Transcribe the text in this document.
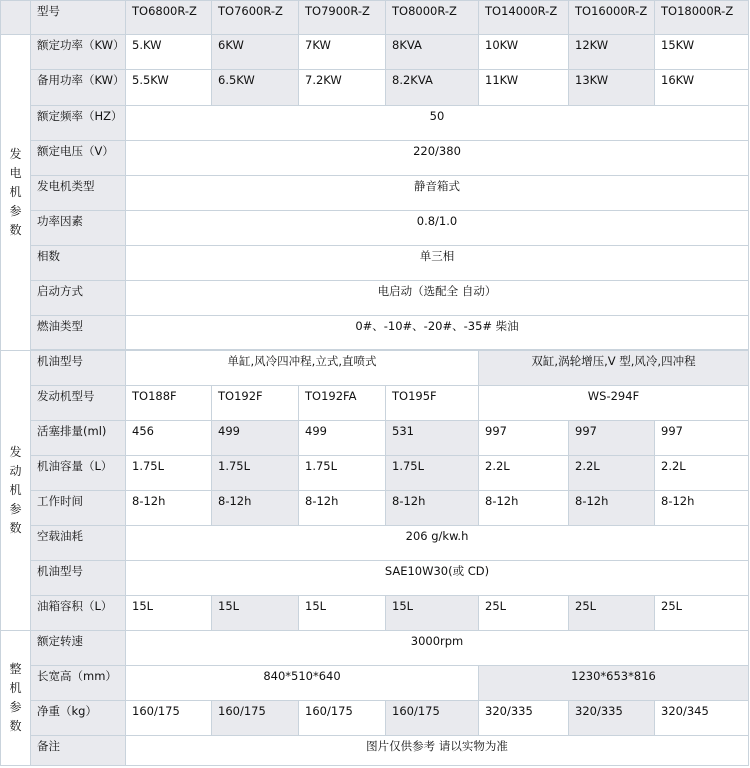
	型号	TO6800R-Z	TO7600R-Z	TO7900R-Z	TO8000R-Z	TO14000R-Z	TO16000R-Z	TO18000R-Z
发电机参数	额定功率（KW）	5.KW	6KW	7KW	8KVA	10KW	12KW	15KW
	备用功率（KW）	5.5KW	6.5KW	7.2KW	8.2KVA	11KW	13KW	16KW
	额定频率（HZ）	50						
	额定电压（V）	220/380						
	发电机类型	静音箱式						
	功率因素	0.8/1.0						
	相数	单三相						
	启动方式	电启动（选配全 自动）						
	燃油类型	0#、-10#、-20#、-35# 柴油						

发动机参数	机油型号	单缸,风冷四冲程,立式,直喷式				双缸,涡轮增压,V 型,风冷,四冲程		
	发动机型号	TO188F	TO192F	TO192FA	TO195F	WS-294F		
	活塞排量(ml)	456	499	499	531	997	997	997
	机油容量（L）	1.75L	1.75L	1.75L	1.75L	2.2L	2.2L	2.2L
	工作时间	8-12h	8-12h	8-12h	8-12h	8-12h	8-12h	8-12h
	空载油耗	206 g/kw.h						
	机油型号	SAE10W30(或 CD)						
	油箱容积（L）	15L	15L	15L	15L	25L	25L	25L
整机参数	额定转速	3000rpm						
	长宽高（mm）	840*510*640				1230*653*816		
	净重（kg）	160/175	160/175	160/175	160/175	320/335	320/335	320/345
	备注	图片仅供参考 请以实物为准						
